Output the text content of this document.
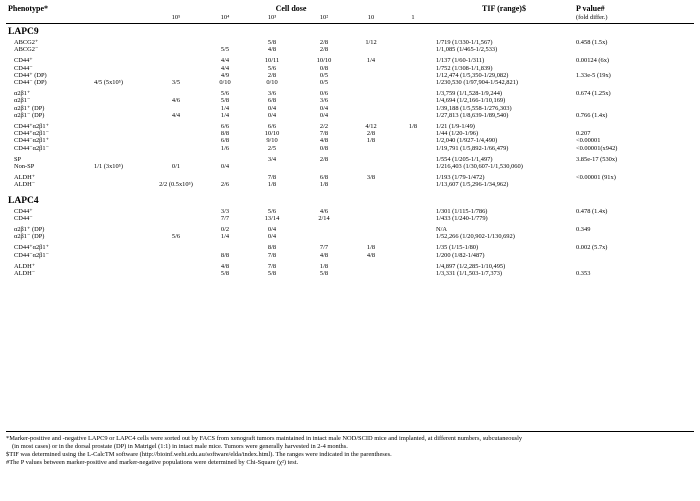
Phenotype*		Cell dose						TIF (range)$	P value#
		10⁵	10⁴	10³	10²	10	1		(fold differ.)
LAPC9									
ABCG2⁺				5/8	2/8	1/12		1/719 (1/330-1/1,567)	0.458 (1.5x)
ABCG2⁻			5/5	4/8	2/8			1/1,085 (1/465-1/2,533)	

CD44⁺			4/4	10/11	10/10	1/4		1/137 (1/60-1/311)	0.00124 (6x)
CD44⁻			4/4	5/6	0/8			1/752 (1/308-1/1,839)	
CD44⁺ (DP)			4/9	2/8	0/5			1/12,474 (1/5,350-1/29,082)	1.33e-5 (19x)
CD44⁻ (DP)	4/5 (5x10⁵)	3/5	0/10	0/10	0/5			1/230,530 (1/97,904-1/542,821)	

α2β1⁺			5/6	3/6	0/6			1/3,759 (1/1,528-1/9,244)	0.674 (1.25x)
α2β1⁻		4/6	5/8	6/8	3/6			1/4,694 (1/2,166-1/10,169)	
α2β1⁺ (DP)			1/4	0/4	0/4			1/39,188 (1/5,558-1/276,303)	
α2β1⁻ (DP)		4/4	1/4	0/4	0/4			1/27,813 (1/8,639-1/89,540)	0.766 (1.4x)

CD44⁺α2β1⁺			6/6	6/6	2/2	4/12	1/8	1/21 (1/9-1/49)	
CD44⁺α2β1⁻			8/8	10/10	7/8	2/8		1/44 (1/20-1/96)	0.207
CD44⁻α2β1⁺			6/8	9/10	4/8	1/8		1/2,040 (1/927-1/4,490)	<0.00001
CD44⁻α2β1⁻			1/6	2/5	0/8			1/19,791 (1/5,892-1/66,479)	<0.00001(x942)

SP				3/4	2/8			1/554 (1/205-1/1,497)	3.85e-17 (530x)
Non-SP	1/1 (3x10⁵)	0/1	0/4					1/216,403 (1/30,607-1/1,530,060)	

ALDH⁺				7/8	6/8	3/8		1/193 (1/79-1/472)	<0.00001 (91x)
ALDH⁻		2/2 (0.5x10⁵)	2/6	1/8	1/8			1/13,607 (1/5,296-1/34,962)	

LAPC4									
CD44⁺			3/3	5/6	4/6			1/301 (1/115-1/786)	0.478 (1.4x)
CD44⁻			7/7	13/14	2/14			1/433 (1/240-1/779)	

α2β1⁺ (DP)			0/2	0/4				N/A	0.349
α2β1⁻ (DP)		5/6	1/4	0/4				1/52,266 (1/20,902-1/130,692)	

CD44⁺α2β1⁺				8/8	7/7	1/8		1/35 (1/15-1/80)	0.002 (5.7x)
CD44⁻α2β1⁻			8/8	7/8	4/8	4/8		1/200 (1/82-1/487)	

ALDH⁺			4/8	7/8	1/8			1/4,897 (1/2,285-1/10,495)	
ALDH⁻			5/8	5/8	5/8			1/3,331 (1/1,503-1/7,373)	0.353

*Marker-positive and -negative LAPC9 or LAPC4 cells were sorted out by FACS from xenograft tumors maintained in intact male NOD/SCID mice and implanted, at different numbers, subcutaneously

(in most cases) or in the dorsal prostate (DP) in Matrigel (1:1) in intact male mice. Tumors were generally harvested in 2-4 months.

$TIF was determined using the L-CalcTM software (http://bioinf.wehi.edu.au/software/elda/index.html). The ranges were indicated in the parentheses.

#The P values between marker-positive and marker-negative populations were determined by Chi-Square (χ²) test.
